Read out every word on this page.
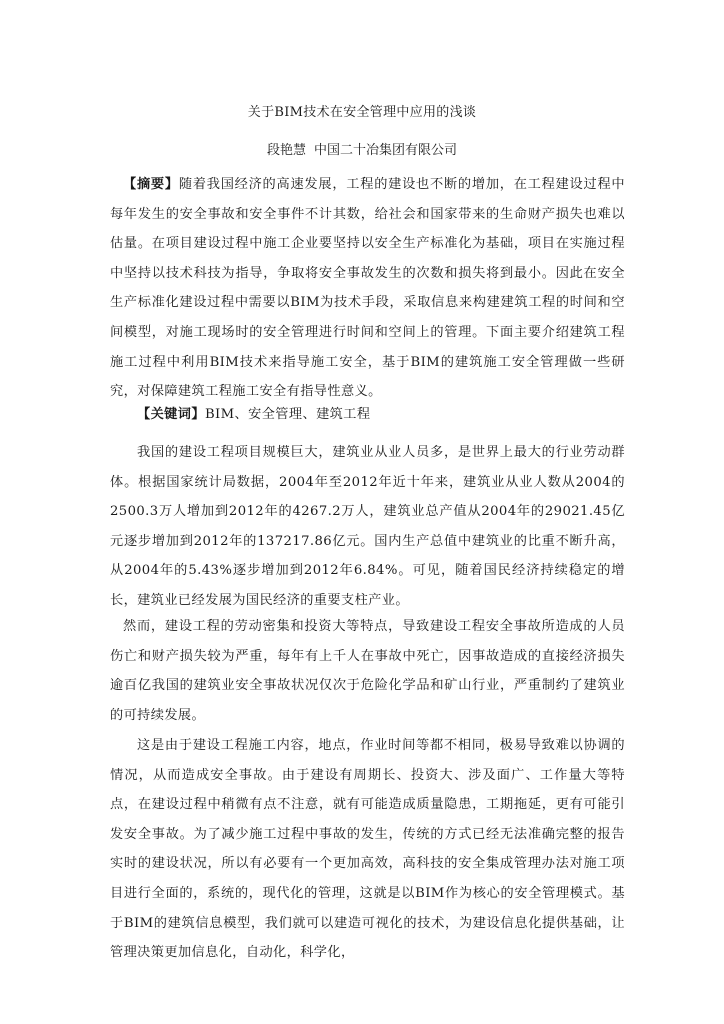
关于BIM技术在安全管理中应用的浅谈
段艳慧 中国二十冶集团有限公司

【摘要】随着我国经济的高速发展，工程的建设也不断的增加，在工程建设过程中每年发生的安全事故和安全事件不计其数，给社会和国家带来的生命财产损失也难以估量。在项目建设过程中施工企业要坚持以安全生产标准化为基础，项目在实施过程中坚持以技术科技为指导，争取将安全事故发生的次数和损失将到最小。因此在安全生产标准化建设过程中需要以BIM为技术手段，采取信息来构建建筑工程的时间和空间模型，对施工现场时的安全管理进行时间和空间上的管理。下面主要介绍建筑工程施工过程中利用BIM技术来指导施工安全，基于BIM的建筑施工安全管理做一些研究，对保障建筑工程施工安全有指导性意义。

【关键词】BIM、安全管理、建筑工程

我国的建设工程项目规模巨大，建筑业从业人员多，是世界上最大的行业劳动群体。根据国家统计局数据，2004年至2012年近十年来，建筑业从业人数从2004的2500.3万人增加到2012年的4267.2万人，建筑业总产值从2004年的29021.45亿元逐步增加到2012年的137217.86亿元。国内生产总值中建筑业的比重不断升高，从2004年的5.43%逐步增加到2012年6.84%。可见，随着国民经济持续稳定的增长，建筑业已经发展为国民经济的重要支柱产业。

然而，建设工程的劳动密集和投资大等特点，导致建设工程安全事故所造成的人员伤亡和财产损失较为严重，每年有上千人在事故中死亡，因事故造成的直接经济损失逾百亿我国的建筑业安全事故状况仅次于危险化学品和矿山行业，严重制约了建筑业的可持续发展。

这是由于建设工程施工内容，地点，作业时间等都不相同，极易导致难以协调的情况，从而造成安全事故。由于建设有周期长、投资大、涉及面广、工作量大等特点，在建设过程中稍微有点不注意，就有可能造成质量隐患，工期拖延，更有可能引发安全事故。为了减少施工过程中事故的发生，传统的方式已经无法准确完整的报告实时的建设状况，所以有必要有一个更加高效，高科技的安全集成管理办法对施工项目进行全面的，系统的，现代化的管理，这就是以BIM作为核心的安全管理模式。基于BIM的建筑信息模型，我们就可以建造可视化的技术，为建设信息化提供基础，让管理决策更加信息化，自动化，科学化，
